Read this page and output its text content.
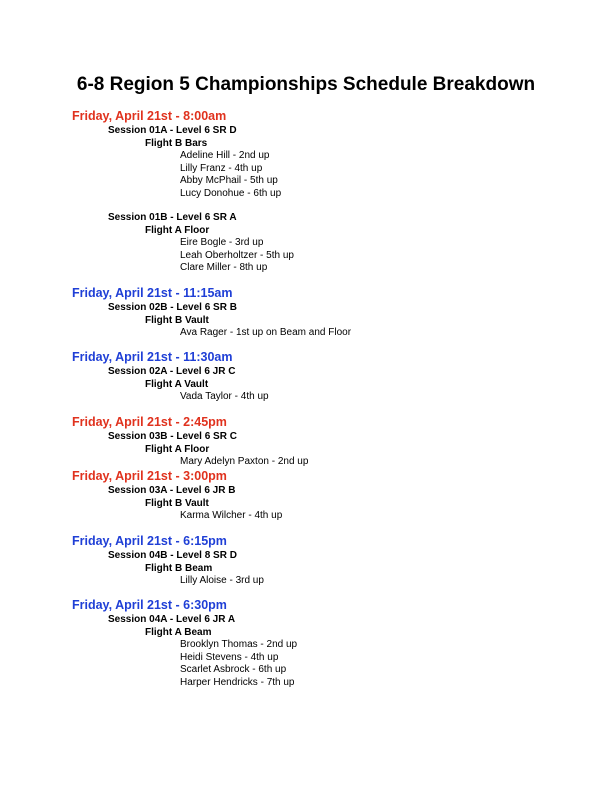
6-8 Region 5 Championships Schedule Breakdown
Friday, April 21st - 8:00am
Session 01A - Level 6 SR D
Flight B Bars
Adeline Hill - 2nd up
Lilly Franz - 4th up
Abby McPhail - 5th up
Lucy Donohue - 6th up
Session 01B - Level 6 SR A
Flight A Floor
Eire Bogle - 3rd up
Leah Oberholtzer - 5th up
Clare Miller - 8th up
Friday, April 21st - 11:15am
Session 02B - Level 6 SR B
Flight B Vault
Ava Rager - 1st up on Beam and Floor
Friday, April 21st - 11:30am
Session 02A - Level 6 JR C
Flight A Vault
Vada Taylor - 4th up
Friday, April 21st - 2:45pm
Session 03B - Level 6 SR C
Flight A Floor
Mary Adelyn Paxton - 2nd up
Friday, April 21st - 3:00pm
Session 03A - Level 6 JR B
Flight B Vault
Karma Wilcher - 4th up
Friday, April 21st - 6:15pm
Session 04B - Level 8 SR D
Flight B Beam
Lilly Aloise - 3rd up
Friday, April 21st - 6:30pm
Session 04A - Level 6 JR A
Flight A Beam
Brooklyn Thomas - 2nd up
Heidi Stevens - 4th up
Scarlet Asbrock - 6th up
Harper Hendricks - 7th up
